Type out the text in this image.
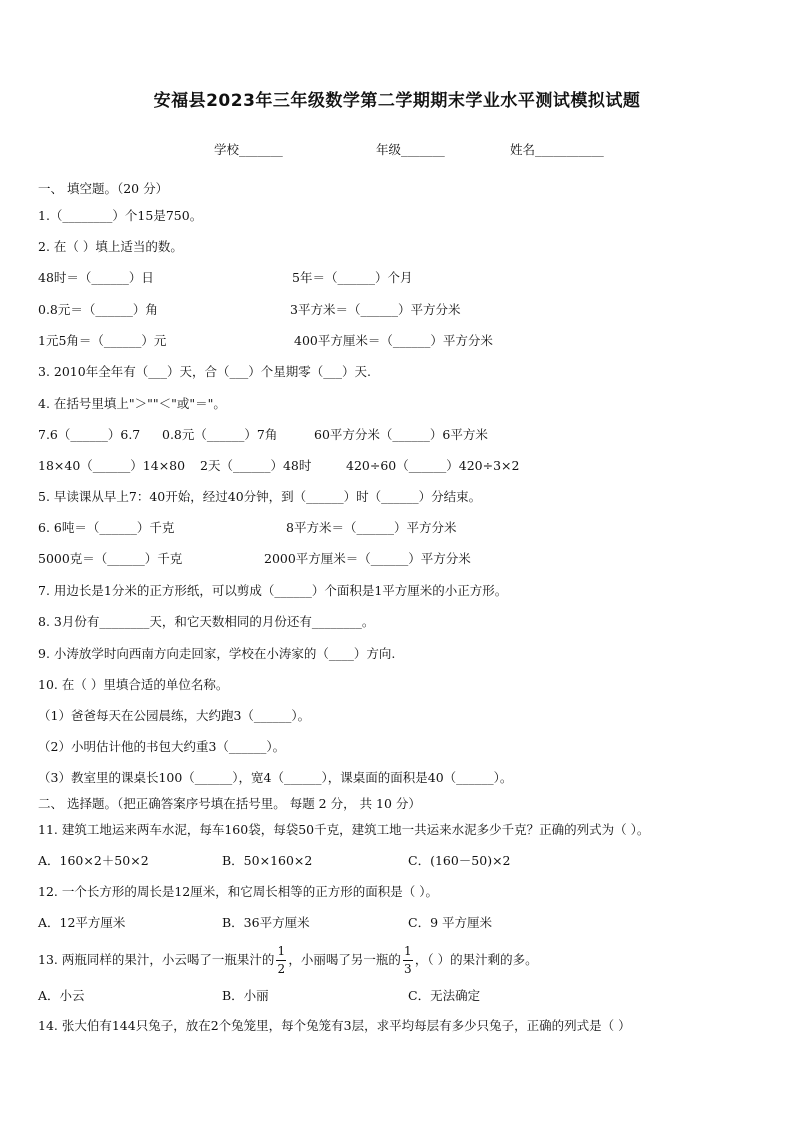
安福县2023年三年级数学第二学期期末学业水平测试模拟试题
学校_______	年级_______	姓名___________
一、 填空题。（20 分）
1.（________）个15是750。
2. 在（ ）填上适当的数。
48时＝（______）日	5年＝（______）个月
0.8元＝（______）角	3平方米＝（______）平方分米
1元5角＝（______）元	400平方厘米＝（______）平方分米
3. 2010年全年有（___）天，合（___）个星期零（___）天.
4. 在括号里填上"＞""＜"或"＝"。
7.6（______）6.7 0.8元（______）7角	60平方分米（______）6平方米
18×40（______）14×80 2天（______）48时	420÷60（______）420÷3×2
5. 早读课从早上7：40开始，经过40分钟，到（______）时（______）分结束。
6. 6吨＝（______）千克	8平方米＝（______）平方分米
5000克＝（______）千克	2000平方厘米＝（______）平方分米
7. 用边长是1分米的正方形纸，可以剪成（______）个面积是1平方厘米的小正方形。
8. 3月份有________天，和它天数相同的月份还有________。
9. 小涛放学时向西南方向走回家，学校在小涛家的（____）方向.
10. 在（ ）里填合适的单位名称。
（1）爸爸每天在公园晨练，大约跑3（______）。
（2）小明估计他的书包大约重3（______）。
（3）教室里的课桌长100（______），宽4（______），课桌面的面积是40（______）。
二、 选择题。（把正确答案序号填在括号里。 每题 2 分， 共 10 分）
11. 建筑工地运来两车水泥，每车160袋，每袋50千克，建筑工地一共运来水泥多少千克？正确的列式为（ ）。
A．160×2＋50×2	B．50×160×2	C．(160－50)×2
12. 一个长方形的周长是12厘米，和它周长相等的正方形的面积是（ ）。
A．12平方厘米	B．36平方厘米	C．9 平方厘米
13. 两瓶同样的果汁，小云喝了一瓶果汁的 $\frac{1}{2}$ ，小丽喝了另一瓶的 $\frac{1}{3}$ ，（ ）的果汁剩的多。
A．小云	B．小丽	C．无法确定
14. 张大伯有144只兔子，放在2个兔笼里，每个兔笼有3层，求平均每层有多少只兔子，正确的列式是（ ）
